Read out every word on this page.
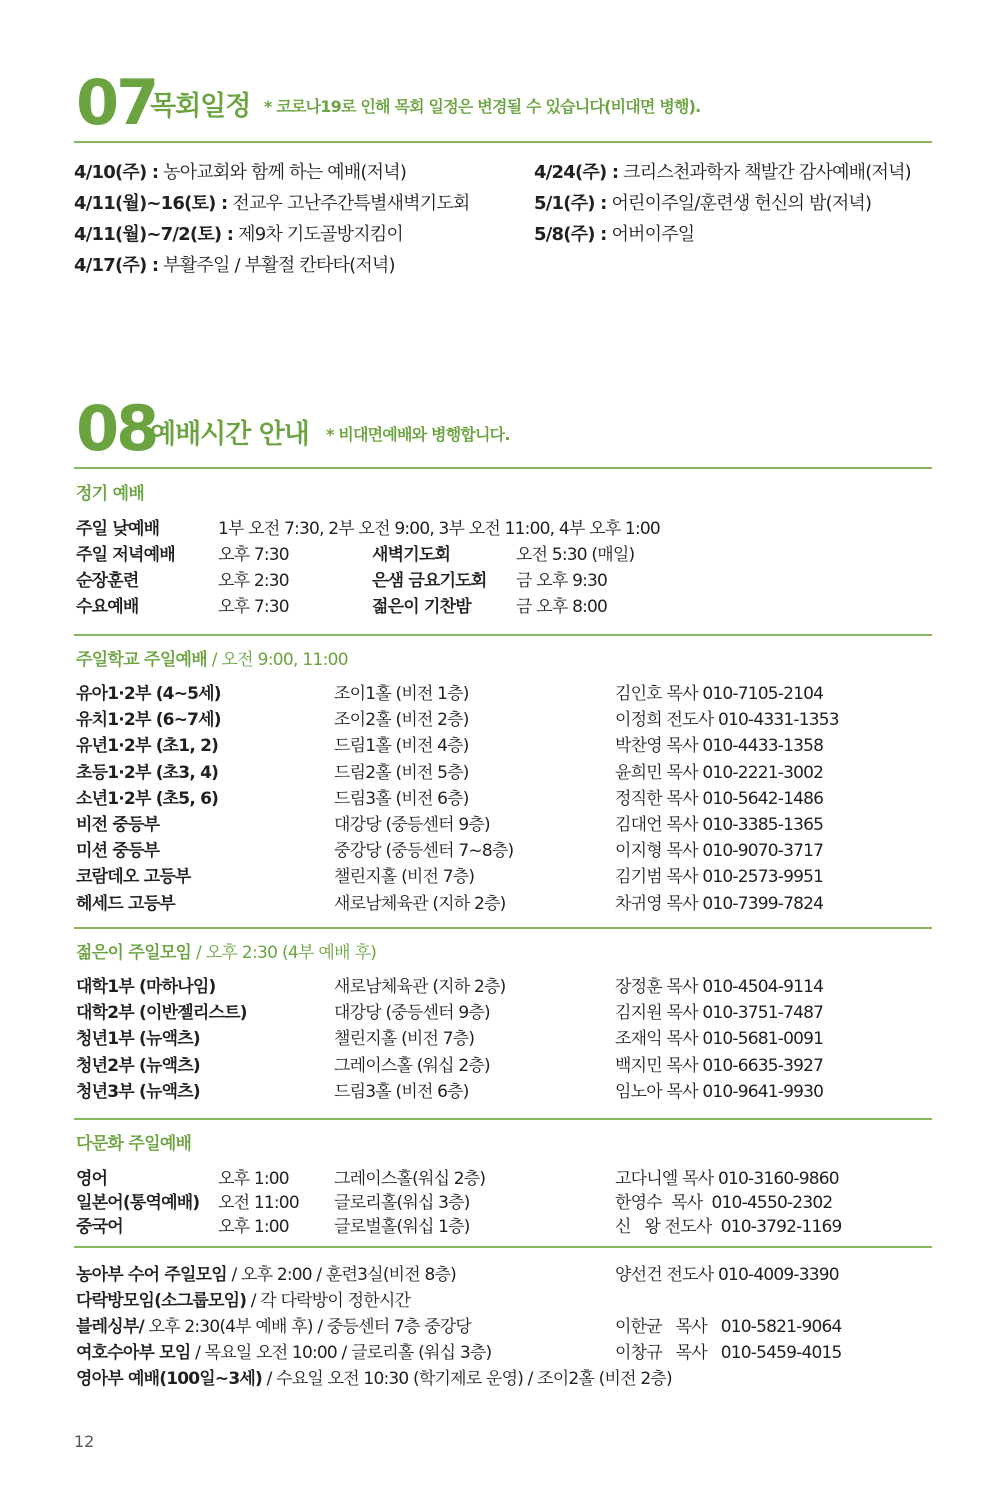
07
목회일정 * 코로나19로 인해 목회 일정은 변경될 수 있습니다(비대면 병행).
4/10(주) : 농아교회와 함께 하는 예배(저녁)
4/11(월)~16(토) : 전교우 고난주간특별새벽기도회
4/11(월)~7/2(토) : 제9차 기도골방지킴이
4/17(주) : 부활주일 / 부활절 칸타타(저녁)
4/24(주) : 크리스천과학자 책발간 감사예배(저녁)
5/1(주) : 어린이주일/훈련생 헌신의 밤(저녁)
5/8(주) : 어버이주일
08
예배시간 안내 * 비대면예배와 병행합니다.
정기 예배
주일 낮예배	1부 오전 7:30, 2부 오전 9:00, 3부 오전 11:00, 4부 오후 1:00
주일 저녁예배	오후 7:30	새벽기도회	오전 5:30 (매일)
순장훈련	오후 2:30	은샘 금요기도회 금 오후 9:30
수요예배	오후 7:30	젊은이 기찬밤	금 오후 8:00
주일학교 주일예배 / 오전 9:00, 11:00
유아1·2부 (4~5세)	조이1홀 (비전 1층)	김인호 목사 010-7105-2104
유치1·2부 (6~7세)	조이2홀 (비전 2층)	이정희 전도사 010-4331-1353
유년1·2부 (초1, 2)	드림1홀 (비전 4층)	박찬영 목사 010-4433-1358
초등1·2부 (초3, 4)	드림2홀 (비전 5층)	윤희민 목사 010-2221-3002
소년1·2부 (초5, 6)	드림3홀 (비전 6층)	정직한 목사 010-5642-1486
비전 중등부	대강당 (중등센터 9층)	김대언 목사 010-3385-1365
미션 중등부	중강당 (중등센터 7~8층)	이지형 목사 010-9070-3717
코람데오 고등부	챌린지홀 (비전 7층)	김기범 목사 010-2573-9951
헤세드 고등부	새로남체육관 (지하 2층)	차귀영 목사 010-7399-7824
젊은이 주일모임 / 오후 2:30 (4부 예배 후)
대학1부 (마하나임)	새로남체육관 (지하 2층)	장정훈 목사 010-4504-9114
대학2부 (이반젤리스트)	대강당 (중등센터 9층)	김지원 목사 010-3751-7487
청년1부 (뉴액츠)	챌린지홀 (비전 7층)	조재익 목사 010-5681-0091
청년2부 (뉴액츠)	그레이스홀 (워십 2층)	백지민 목사 010-6635-3927
청년3부 (뉴액츠)	드림3홀 (비전 6층)	임노아 목사 010-9641-9930
다문화 주일예배
영어	오후 1:00	그레이스홀(워십 2층)	고다니엘 목사 010-3160-9860
일본어(통역예배) 오전 11:00 글로리홀(워십 3층)	한영수  목사  010-4550-2302
중국어	오후 1:00	글로벌홀(워십 1층)	신   왕 전도사  010-3792-1169
농아부 수어 주일모임 / 오후 2:00 / 훈련3실(비전 8층)	양선건 전도사 010-4009-3390
다락방모임(소그룹모임) / 각 다락방이 정한시간
블레싱부/ 오후 2:30(4부 예배 후) / 중등센터 7층 중강당	이한균   목사   010-5821-9064
여호수아부 모임 / 목요일 오전 10:00 / 글로리홀 (워십 3층)	이창규   목사   010-5459-4015
영아부 예배(100일~3세) / 수요일 오전 10:30 (학기제로 운영) / 조이2홀 (비전 2층)
12
